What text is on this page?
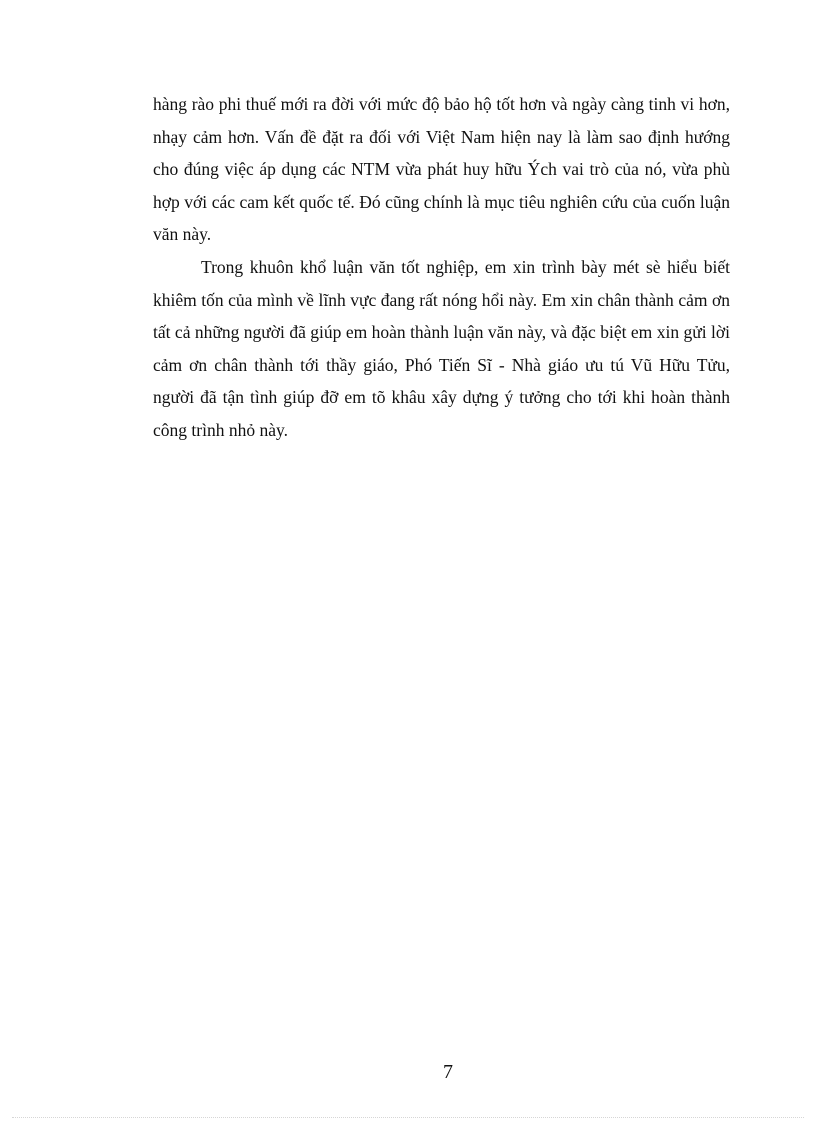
hàng rào phi thuế mới ra đời với mức độ bảo hộ tốt hơn và ngày càng tinh vi hơn, nhạy cảm hơn. Vấn đề đặt ra đối với Việt Nam hiện nay là làm sao định hướng cho đúng việc áp dụng các NTM vừa phát huy hữu Ých vai trò của nó, vừa phù hợp với các cam kết quốc tế. Đó cũng chính là mục tiêu nghiên cứu của cuốn luận văn này.

Trong khuôn khổ luận văn tốt nghiệp, em xin trình bày mét sè hiểu biết khiêm tốn của mình về lĩnh vực đang rất nóng hổi này. Em xin chân thành cảm ơn tất cả những người đã giúp em hoàn thành luận văn này, và đặc biệt em xin gửi lời cảm ơn chân thành tới thầy giáo, Phó Tiến Sĩ - Nhà giáo ưu tú Vũ Hữu Tửu, người đã tận tình giúp đỡ em tõ khâu xây dựng ý tưởng cho tới khi hoàn thành công trình nhỏ này.

7
